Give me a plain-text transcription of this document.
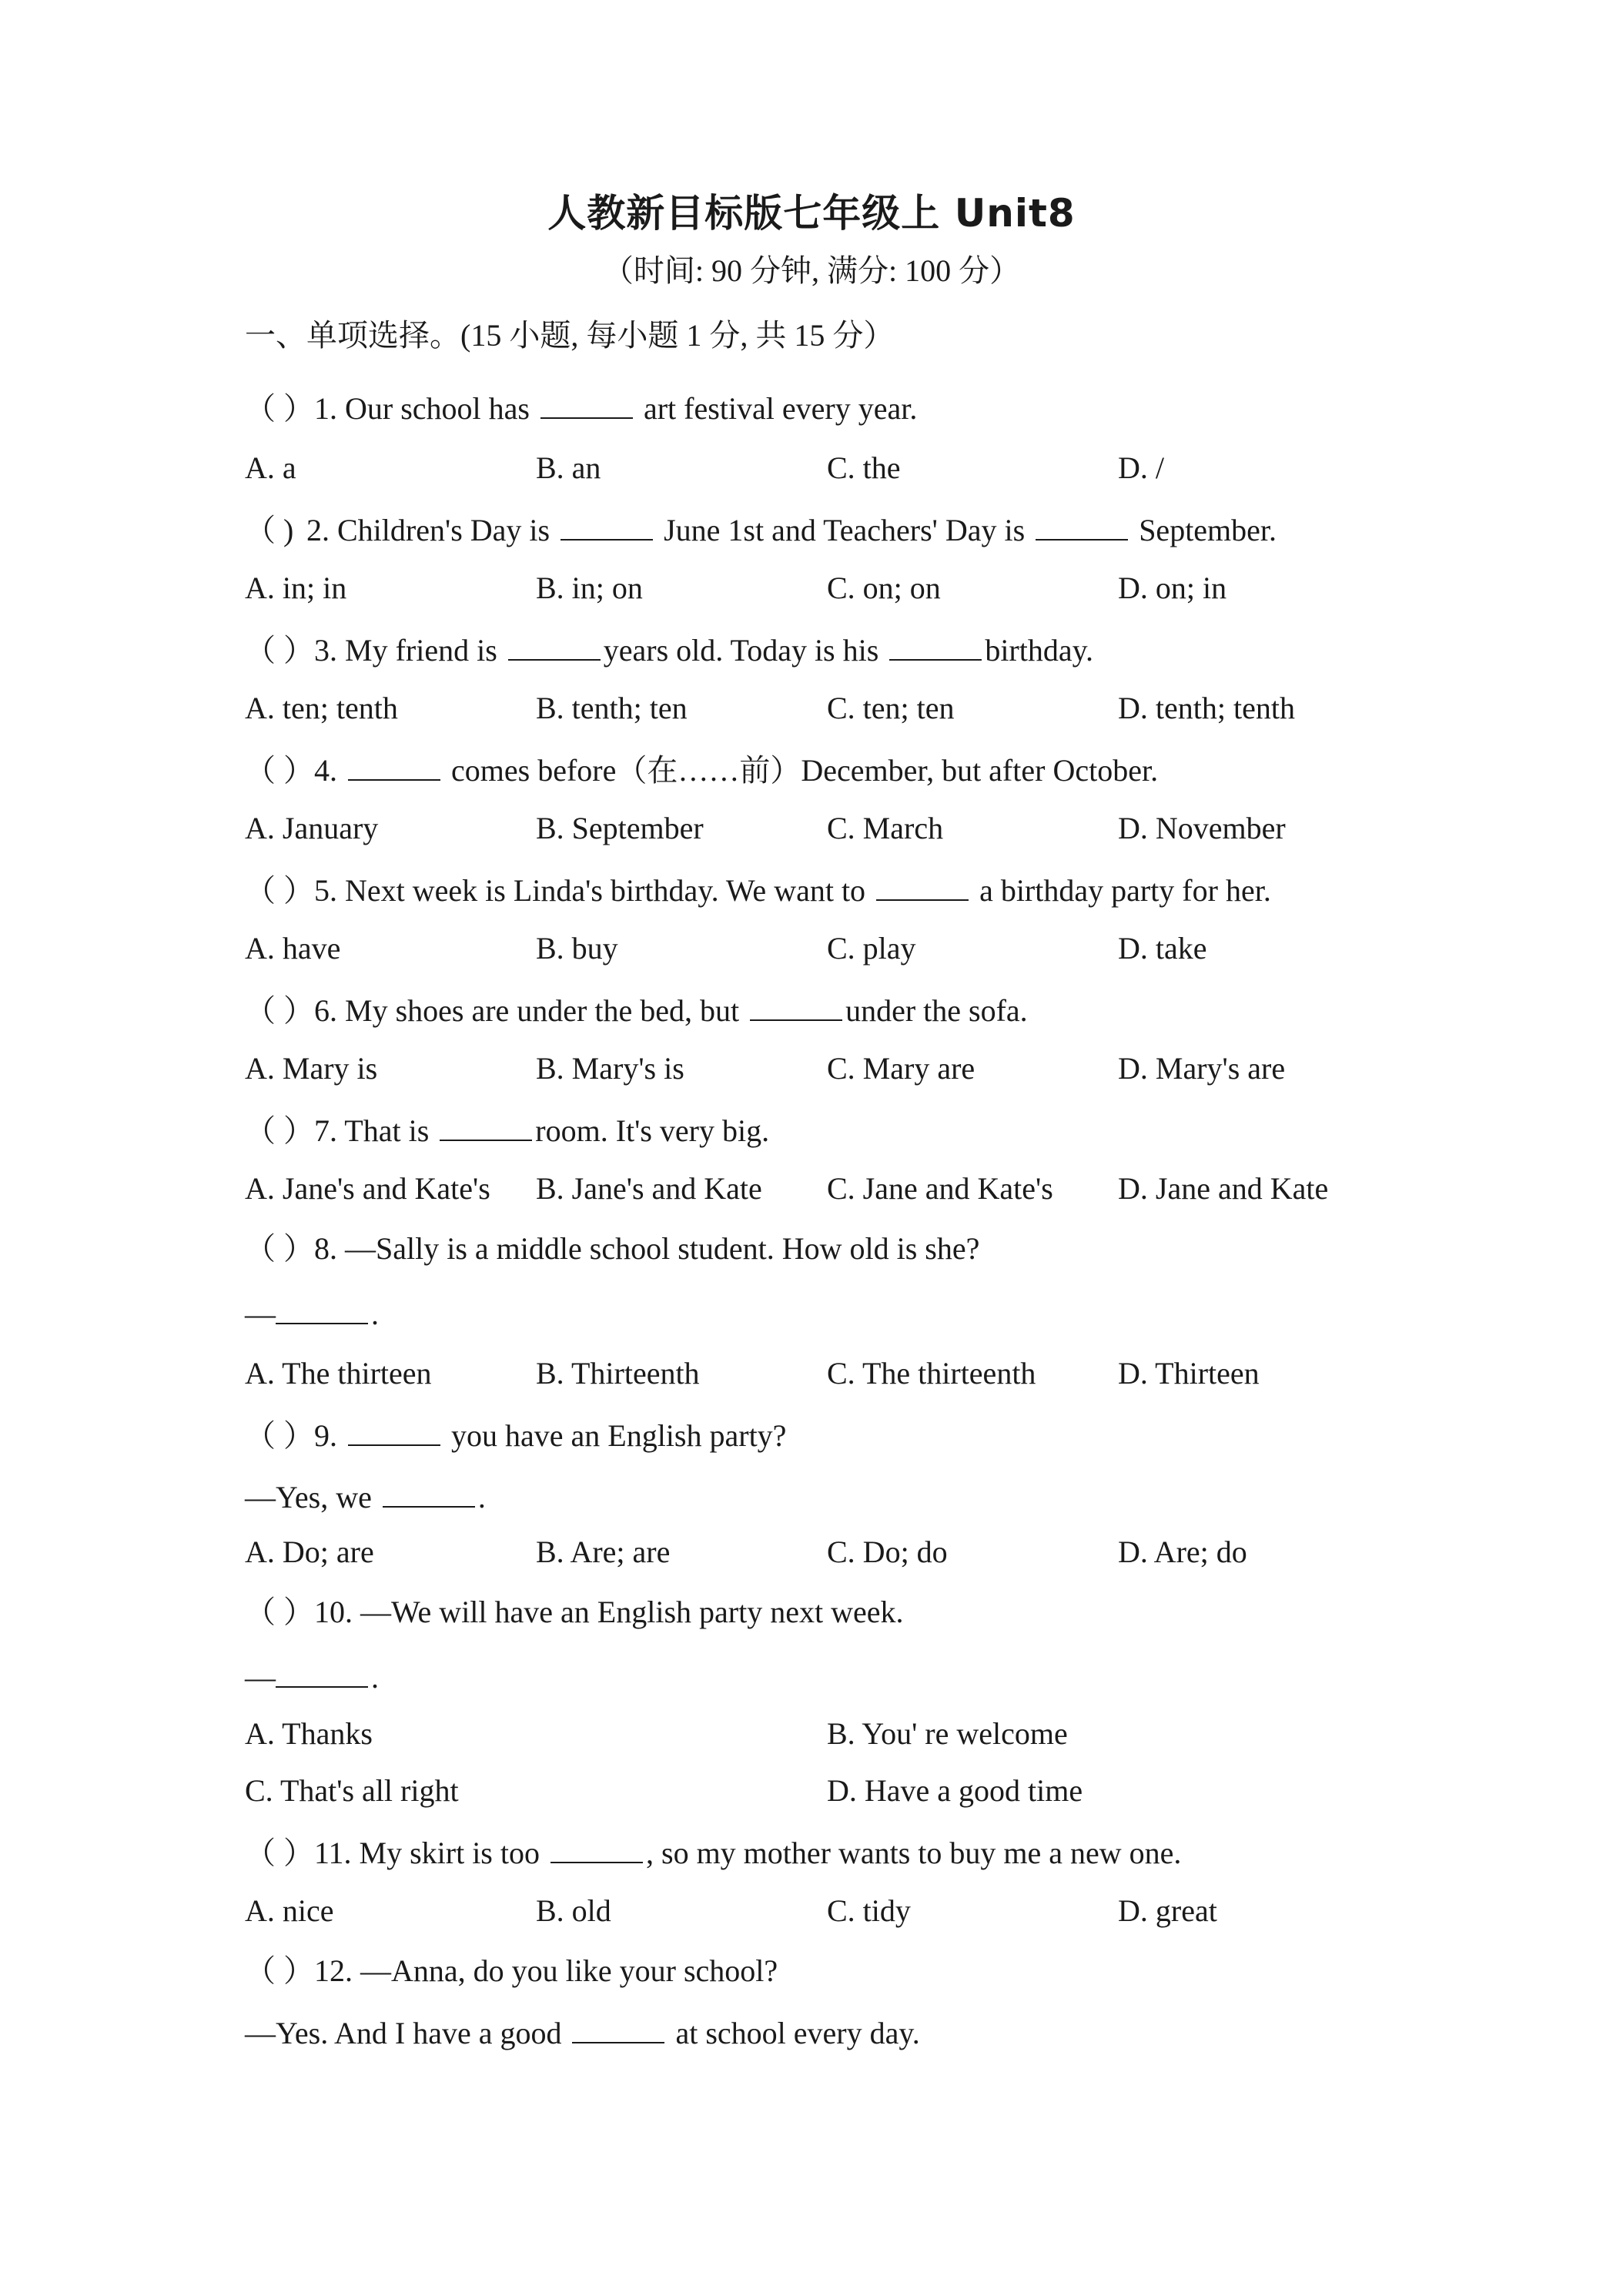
人教新目标版七年级上 Unit8
（时间: 90 分钟, 满分: 100 分）
一、单项选择。(15 小题, 每小题 1 分, 共 15 分）
（ ）1. Our school has	art festival every year.
A. a	B. an	C. the	D. /
（ ) 2. Children's Day is	June 1st and Teachers' Day is	September.
A. in; in	B. in; on	C. on; on	D. on; in
（ ）3. My friend is	years old. Today is his	birthday.
A. ten; tenth	B. tenth; ten	C. ten; ten	D. tenth; tenth
（ ）4.	comes before（在……前）December, but after October.
A. January	B. September	C. March	D. November
（ ）5. Next week is Linda's birthday. We want to	a birthday party for her.
A. have	B. buy	C. play	D. take
（ ）6. My shoes are under the bed, but	under the sofa.
A. Mary is	B. Mary's is	C. Mary are	D. Mary's are
（ ）7. That is	room. It's very big.
A. Jane's and Kate's B. Jane's and Kate C. Jane and Kate's D. Jane and Kate
（ ）8. —Sally is a middle school student. How old is she?
—	.
A. The thirteen	B. Thirteenth	C. The thirteenth	D. Thirteen
（ ）9.	you have an English party?
—Yes, we	.
A. Do; are	B. Are; are	C. Do; do	D. Are; do
（ ）10. —We will have an English party next week.
—	.
A. Thanks	B. You' re welcome
C. That's all right	D. Have a good time
（ ）11. My skirt is too	, so my mother wants to buy me a new one.
A. nice	B. old	C. tidy	D. great
（ ）12. —Anna, do you like your school?
—Yes. And I have a good	at school every day.
